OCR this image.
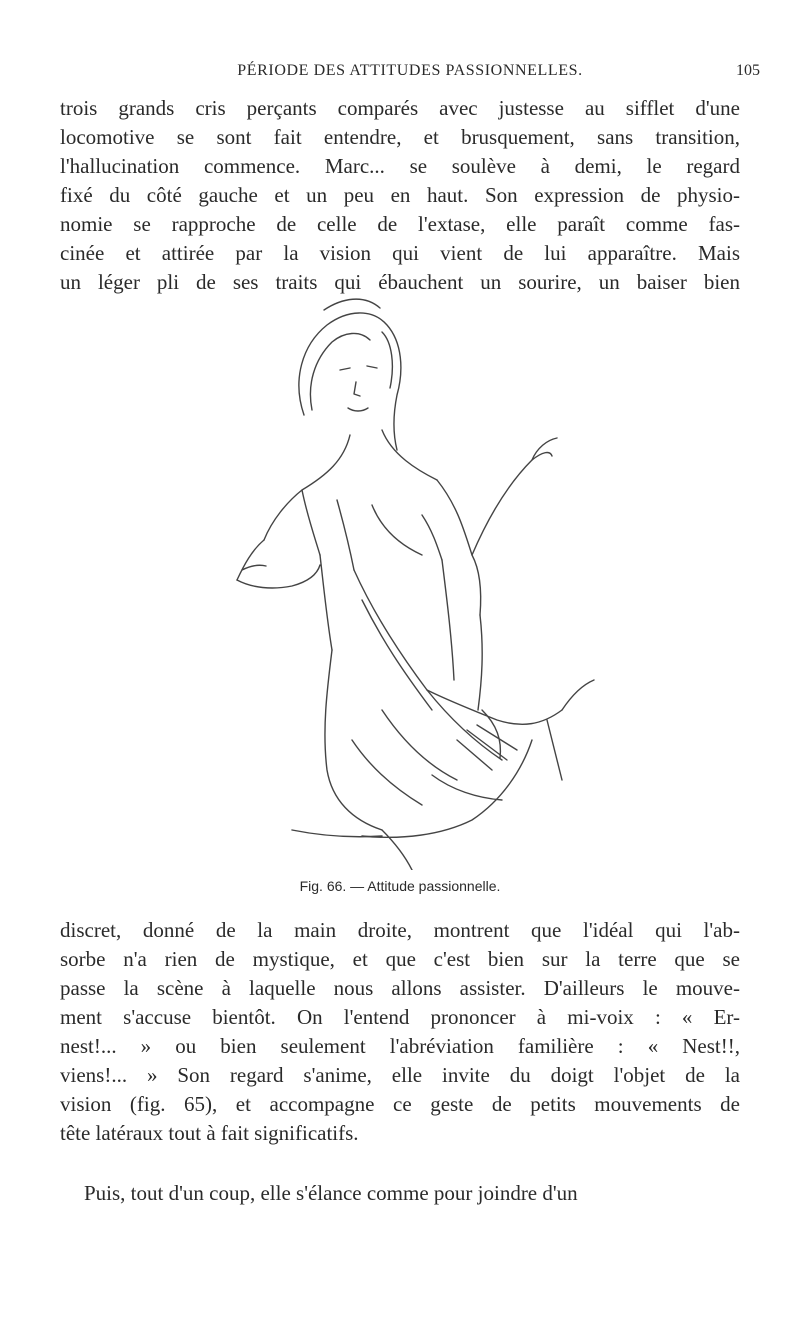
PÉRIODE DES ATTITUDES PASSIONNELLES.	105
trois grands cris perçants comparés avec justesse au sifflet d'une
locomotive se sont fait entendre, et brusquement, sans transition,
l'hallucination commence. Marc... se soulève à demi, le regard
fixé du côté gauche et un peu en haut. Son expression de physio-
nomie se rapproche de celle de l'extase, elle paraît comme fas-
cinée et attirée par la vision qui vient de lui apparaître. Mais
un léger pli de ses traits qui ébauchent un sourire, un baiser bien
Fig. 66. — Attitude passionnelle.
discret, donné de la main droite, montrent que l'idéal qui l'ab-
sorbe n'a rien de mystique, et que c'est bien sur la terre que se
passe la scène à laquelle nous allons assister. D'ailleurs le mouve-
ment s'accuse bientôt. On l'entend prononcer à mi-voix : « Er-
nest!... » ou bien seulement l'abréviation familière : « Nest!!,
viens!... » Son regard s'anime, elle invite du doigt l'objet de la
vision (fig. 65), et accompagne ce geste de petits mouvements de
tête latéraux tout à fait significatifs.
Puis, tout d'un coup, elle s'élance comme pour joindre d'un
